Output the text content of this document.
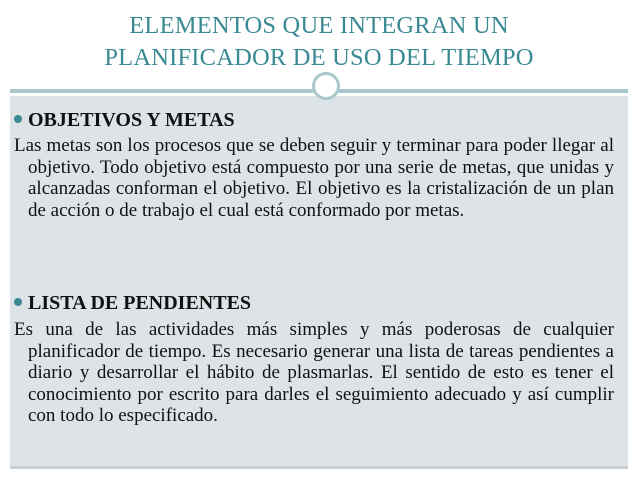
ELEMENTOS QUE INTEGRAN UN
PLANIFICADOR DE USO DEL TIEMPO
OBJETIVOS Y METAS
Las metas son los procesos que se deben seguir y terminar para poder llegar al objetivo. Todo objetivo está compuesto por una serie de metas, que unidas y alcanzadas conforman el objetivo. El objetivo es la cristalización de un plan de acción o de trabajo el cual está conformado por metas.
LISTA DE PENDIENTES
Es una de las actividades más simples y más poderosas de cualquier planificador de tiempo. Es necesario generar una lista de tareas pendientes a diario y desarrollar el hábito de plasmarlas. El sentido de esto es tener el conocimiento por escrito para darles el seguimiento adecuado y así cumplir con todo lo especificado.
